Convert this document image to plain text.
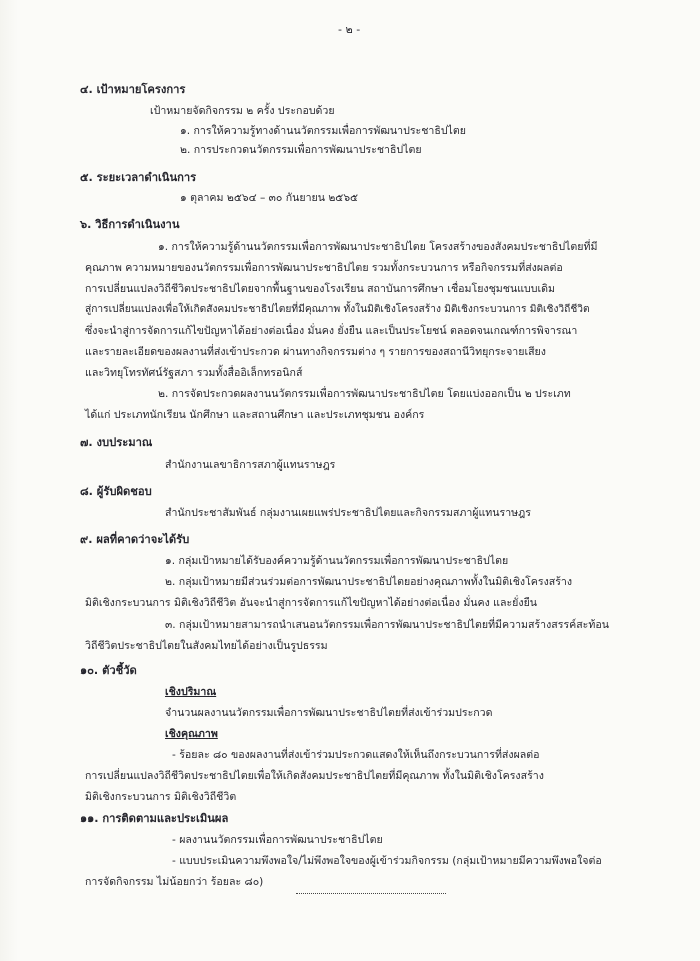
- ๒ -
๔. เป้าหมายโครงการ
เป้าหมายจัดกิจกรรม ๒ ครั้ง ประกอบด้วย
๑. การให้ความรู้ทางด้านนวัตกรรมเพื่อการพัฒนาประชาธิปไตย
๒. การประกวดนวัตกรรมเพื่อการพัฒนาประชาธิปไตย
๕. ระยะเวลาดำเนินการ
๑ ตุลาคม ๒๕๖๔ – ๓๐ กันยายน ๒๕๖๕
๖. วิธีการดำเนินงาน
๑. การให้ความรู้ด้านนวัตกรรมเพื่อการพัฒนาประชาธิปไตย โครงสร้างของสังคมประชาธิปไตยที่มี
คุณภาพ ความหมายของนวัตกรรมเพื่อการพัฒนาประชาธิปไตย รวมทั้งกระบวนการ หรือกิจกรรมที่ส่งผลต่อ
การเปลี่ยนแปลงวิถีชีวิตประชาธิปไตยจากพื้นฐานของโรงเรียน สถาบันการศึกษา เชื่อมโยงชุมชนแบบเดิม
สู่การเปลี่ยนแปลงเพื่อให้เกิดสังคมประชาธิปไตยที่มีคุณภาพ ทั้งในมิติเชิงโครงสร้าง มิติเชิงกระบวนการ มิติเชิงวิถีชีวิต
ซึ่งจะนำสู่การจัดการแก้ไขปัญหาได้อย่างต่อเนื่อง มั่นคง ยั่งยืน และเป็นประโยชน์ ตลอดจนเกณฑ์การพิจารณา
และรายละเอียดของผลงานที่ส่งเข้าประกวด ผ่านทางกิจกรรมต่าง ๆ รายการของสถานีวิทยุกระจายเสียง
และวิทยุโทรทัศน์รัฐสภา รวมทั้งสื่ออิเล็กทรอนิกส์
๒. การจัดประกวดผลงานนวัตกรรมเพื่อการพัฒนาประชาธิปไตย โดยแบ่งออกเป็น ๒ ประเภท
ได้แก่ ประเภทนักเรียน นักศึกษา และสถานศึกษา และประเภทชุมชน องค์กร
๗. งบประมาณ
สำนักงานเลขาธิการสภาผู้แทนราษฎร
๘. ผู้รับผิดชอบ
สำนักประชาสัมพันธ์ กลุ่มงานเผยแพร่ประชาธิปไตยและกิจกรรมสภาผู้แทนราษฎร
๙. ผลที่คาดว่าจะได้รับ
๑. กลุ่มเป้าหมายได้รับองค์ความรู้ด้านนวัตกรรมเพื่อการพัฒนาประชาธิปไตย
๒. กลุ่มเป้าหมายมีส่วนร่วมต่อการพัฒนาประชาธิปไตยอย่างคุณภาพทั้งในมิติเชิงโครงสร้าง
มิติเชิงกระบวนการ มิติเชิงวิถีชีวิต อันจะนำสู่การจัดการแก้ไขปัญหาได้อย่างต่อเนื่อง มั่นคง และยั่งยืน
๓. กลุ่มเป้าหมายสามารถนำเสนอนวัตกรรมเพื่อการพัฒนาประชาธิปไตยที่มีความสร้างสรรค์สะท้อน
วิถีชีวิตประชาธิปไตยในสังคมไทยได้อย่างเป็นรูปธรรม
๑๐. ตัวชี้วัด
เชิงปริมาณ
จำนวนผลงานนวัตกรรมเพื่อการพัฒนาประชาธิปไตยที่ส่งเข้าร่วมประกวด
เชิงคุณภาพ
- ร้อยละ ๘๐ ของผลงานที่ส่งเข้าร่วมประกวดแสดงให้เห็นถึงกระบวนการที่ส่งผลต่อ
การเปลี่ยนแปลงวิถีชีวิตประชาธิปไตยเพื่อให้เกิดสังคมประชาธิปไตยที่มีคุณภาพ ทั้งในมิติเชิงโครงสร้าง
มิติเชิงกระบวนการ มิติเชิงวิถีชีวิต
๑๑. การติดตามและประเมินผล
- ผลงานนวัตกรรมเพื่อการพัฒนาประชาธิปไตย
- แบบประเมินความพึงพอใจ/ไม่พึงพอใจของผู้เข้าร่วมกิจกรรม (กลุ่มเป้าหมายมีความพึงพอใจต่อ
การจัดกิจกรรม ไม่น้อยกว่า ร้อยละ ๘๐)
